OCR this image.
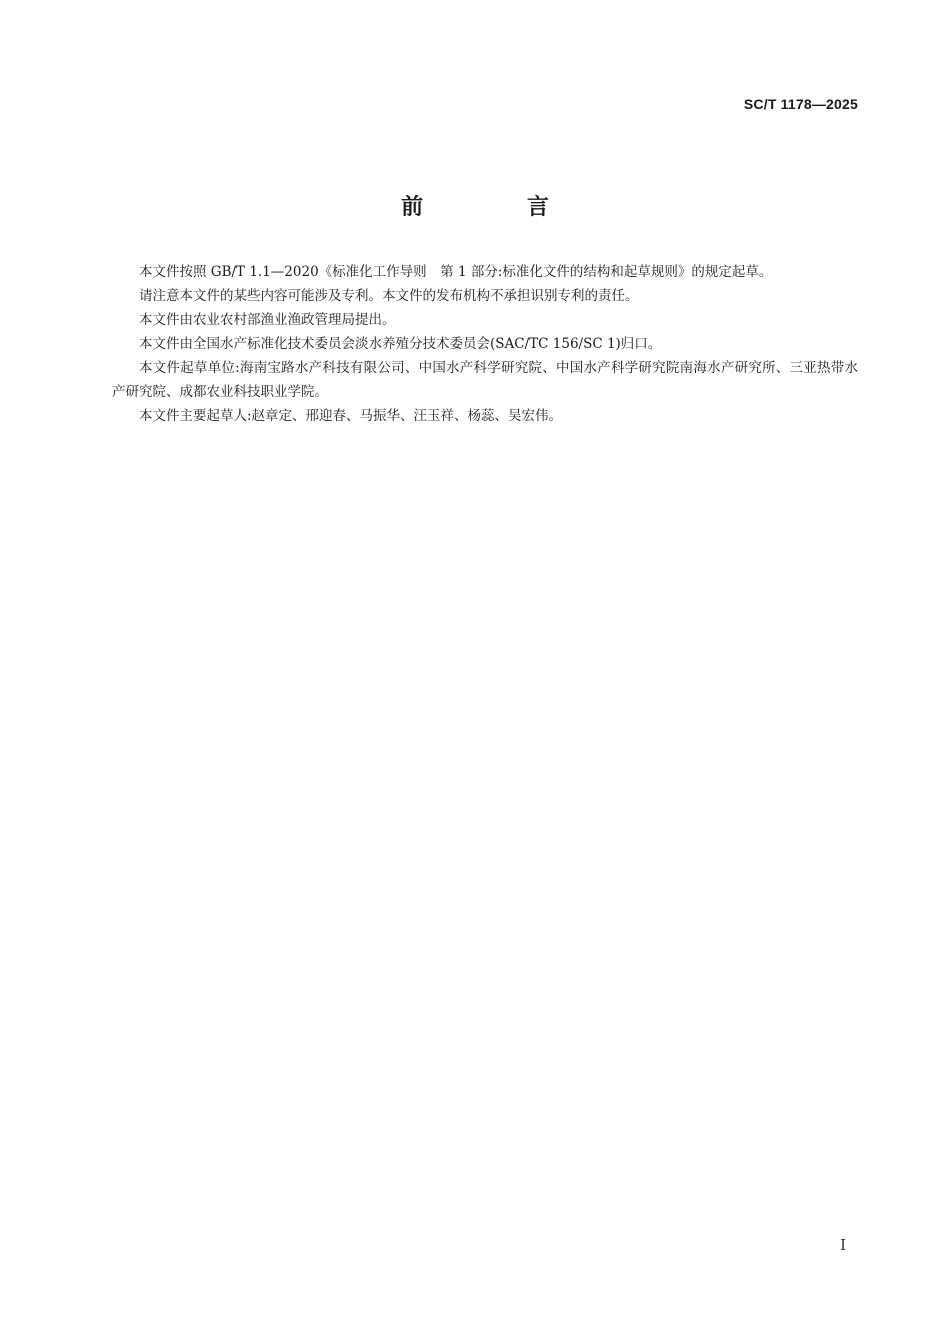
SC/T 1178—2025
前 言

本文件按照 GB/T 1.1—2020《标准化工作导则　第 1 部分:标准化文件的结构和起草规则》的规定起草。

请注意本文件的某些内容可能涉及专利。本文件的发布机构不承担识别专利的责任。

本文件由农业农村部渔业渔政管理局提出。

本文件由全国水产标准化技术委员会淡水养殖分技术委员会(SAC/TC 156/SC 1)归口。

本文件起草单位:海南宝路水产科技有限公司、中国水产科学研究院、中国水产科学研究院南海水产研究所、三亚热带水产研究院、成都农业科技职业学院。

本文件主要起草人:赵章定、邢迎春、马振华、汪玉祥、杨蕊、吴宏伟。

I
